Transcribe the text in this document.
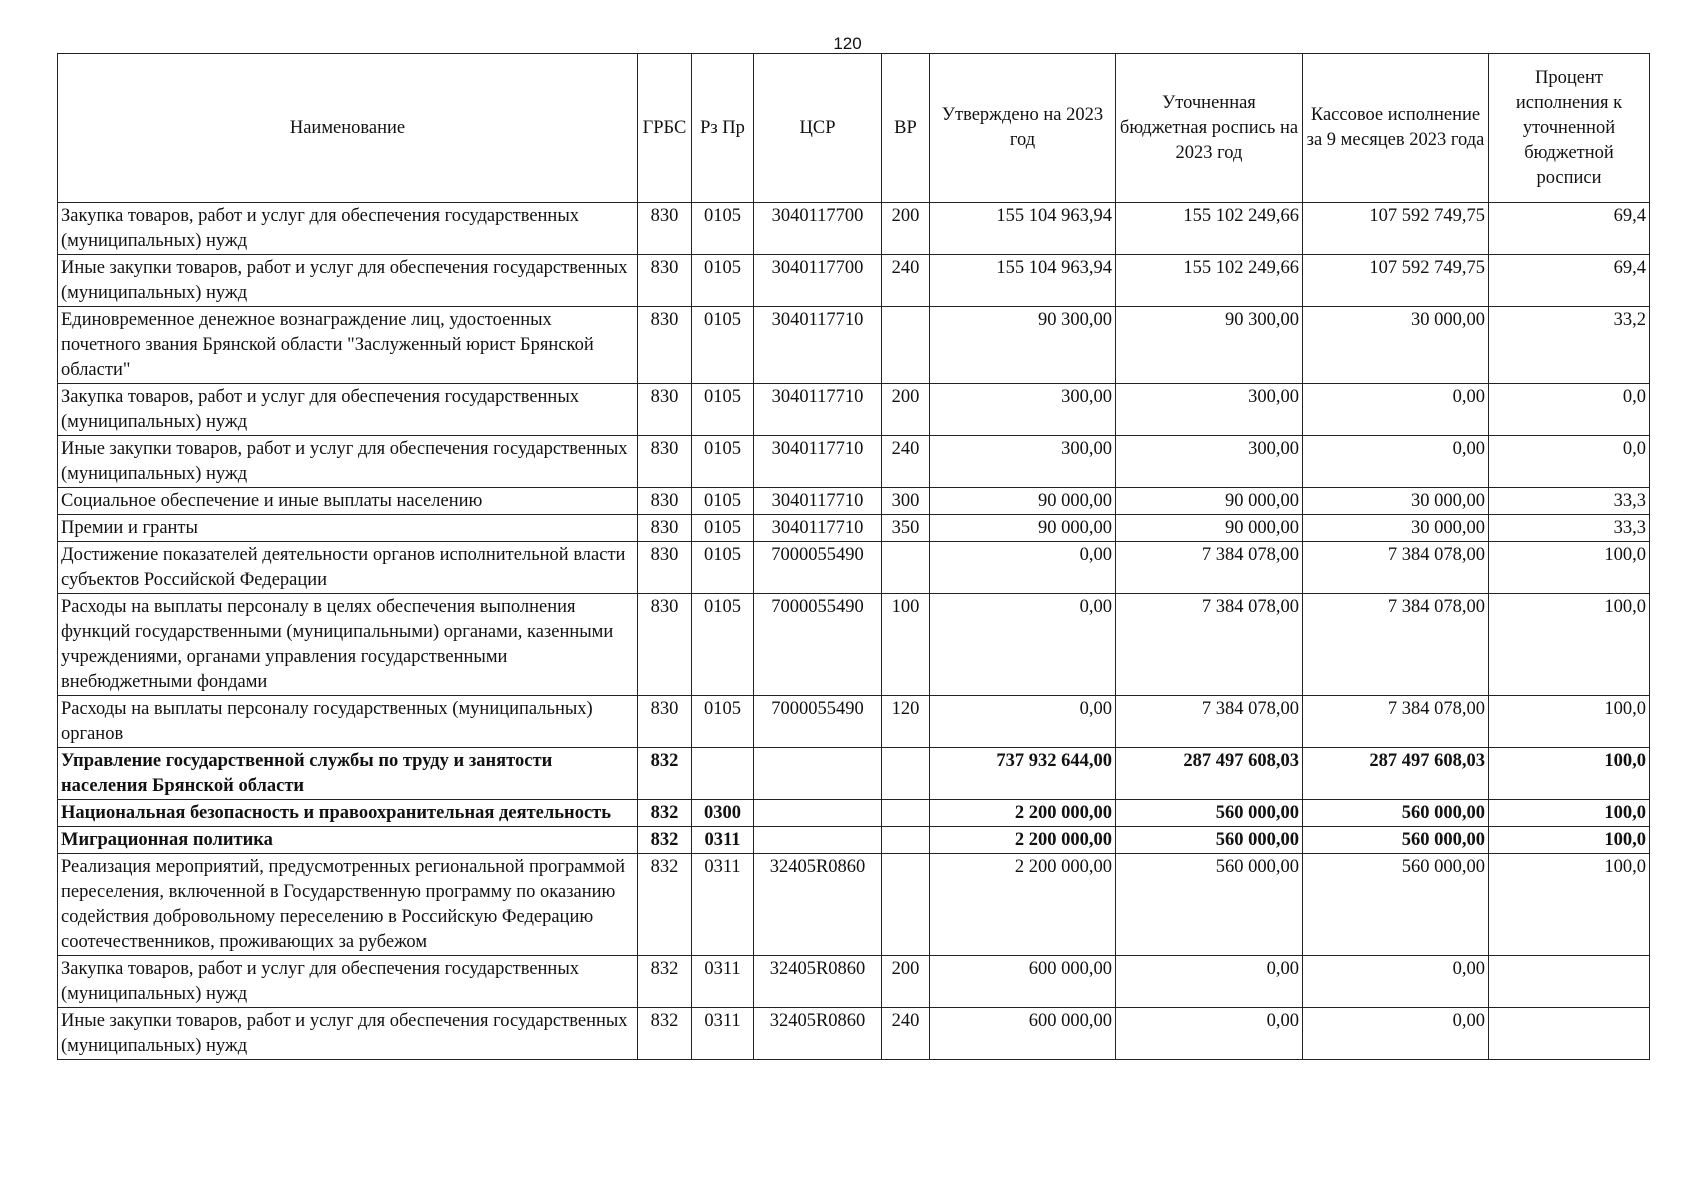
120
Наименование	ГРБС	Рз Пр	ЦСР	ВР	Утверждено на 2023 год	Уточненная бюджетная роспись на 2023 год	Кассовое исполнение за 9 месяцев 2023 года	Процент исполнения к уточненной бюджетной росписи
Закупка товаров, работ и услуг для обеспечения государственных (муниципальных) нужд	830	0105	3040117700	200	155 104 963,94	155 102 249,66	107 592 749,75	69,4
Иные закупки товаров, работ и услуг для обеспечения государственных (муниципальных) нужд	830	0105	3040117700	240	155 104 963,94	155 102 249,66	107 592 749,75	69,4
Единовременное денежное вознаграждение лиц, удостоенных почетного звания Брянской области "Заслуженный юрист Брянской области"	830	0105	3040117710		90 300,00	90 300,00	30 000,00	33,2
Закупка товаров, работ и услуг для обеспечения государственных (муниципальных) нужд	830	0105	3040117710	200	300,00	300,00	0,00	0,0
Иные закупки товаров, работ и услуг для обеспечения государственных (муниципальных) нужд	830	0105	3040117710	240	300,00	300,00	0,00	0,0
Социальное обеспечение и иные выплаты населению	830	0105	3040117710	300	90 000,00	90 000,00	30 000,00	33,3
Премии и гранты	830	0105	3040117710	350	90 000,00	90 000,00	30 000,00	33,3
Достижение показателей деятельности органов исполнительной власти субъектов Российской Федерации	830	0105	7000055490		0,00	7 384 078,00	7 384 078,00	100,0
Расходы на выплаты персоналу в целях обеспечения выполнения функций государственными (муниципальными) органами, казенными учреждениями, органами управления государственными внебюджетными фондами	830	0105	7000055490	100	0,00	7 384 078,00	7 384 078,00	100,0
Расходы на выплаты персоналу государственных (муниципальных) органов	830	0105	7000055490	120	0,00	7 384 078,00	7 384 078,00	100,0
Управление государственной службы по труду и занятости населения Брянской области	832				737 932 644,00	287 497 608,03	287 497 608,03	100,0
Национальная безопасность и правоохранительная деятельность	832	0300			2 200 000,00	560 000,00	560 000,00	100,0
Миграционная политика	832	0311			2 200 000,00	560 000,00	560 000,00	100,0
Реализация мероприятий, предусмотренных региональной программой переселения, включенной в Государственную программу по оказанию содействия добровольному переселению в Российскую Федерацию соотечественников, проживающих за рубежом	832	0311	32405R0860		2 200 000,00	560 000,00	560 000,00	100,0
Закупка товаров, работ и услуг для обеспечения государственных (муниципальных) нужд	832	0311	32405R0860	200	600 000,00	0,00	0,00	
Иные закупки товаров, работ и услуг для обеспечения государственных (муниципальных) нужд	832	0311	32405R0860	240	600 000,00	0,00	0,00	
